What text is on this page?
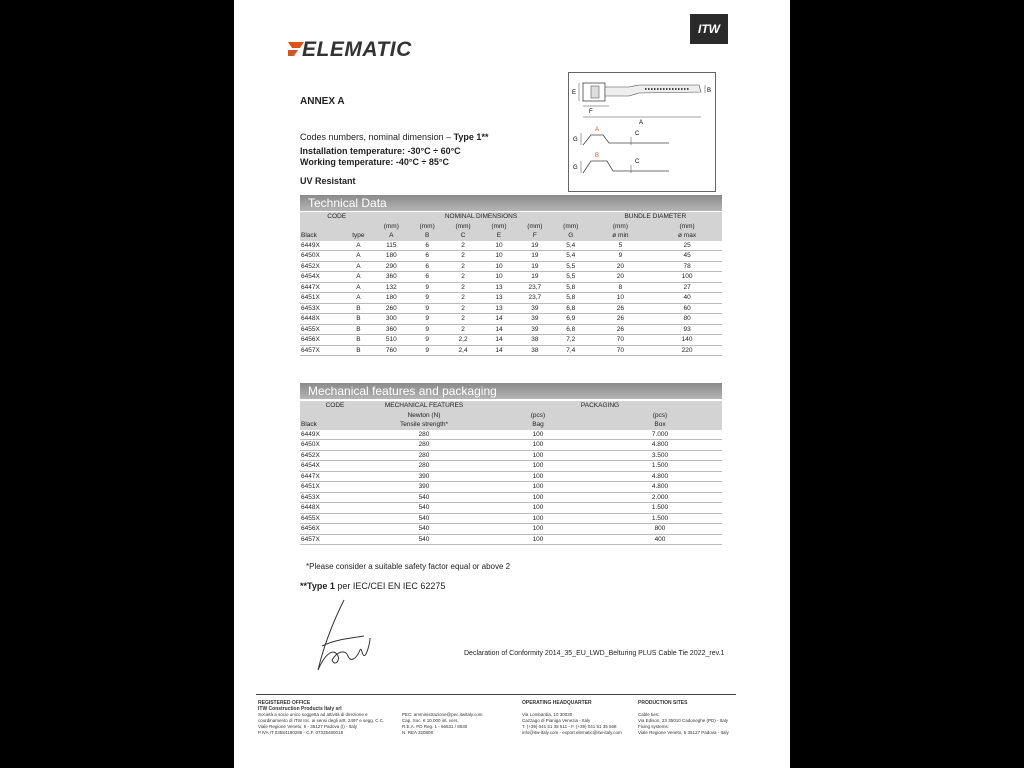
ELEMATIC
ITW
ANNEX A
Codes numbers, nominal dimension – Type 1**
Installation temperature: -30°C ÷ 60°C
Working temperature: -40°C ÷ 85°C
UV Resistant
E	B
F
A
A
G
C
B
G
C
Technical Data
CODE		NOMINAL DIMENSIONS						BUNDLE DIAMETER	
		(mm)	(mm)	(mm)	(mm)	(mm)	(mm)	(mm)	(mm)
Black	type	A	B	C	E	F	G	ø min	ø max
6449X	A	115	6	2	10	19	5,4	5	25
6450X	A	180	6	2	10	19	5,4	9	45
6452X	A	290	6	2	10	19	5,5	20	78
6454X	A	360	6	2	10	19	5,5	20	100
6447X	A	132	9	2	13	23,7	5,8	8	27
6451X	A	180	9	2	13	23,7	5,8	10	40
6453X	B	260	9	2	13	39	6,8	26	60
6448X	B	300	9	2	14	39	6,9	26	80
6455X	B	360	9	2	14	39	6,8	26	93
6456X	B	510	9	2,2	14	38	7,2	70	140
6457X	B	760	9	2,4	14	38	7,4	70	220
Mechanical features and packaging
CODE	MECHANICAL FEATURES	PACKAGING	
	Newton (N)	(pcs)	(pcs)
Black	Tensile strength*	Bag	Box
6449X	280	100	7.000
6450X	280	100	4.800
6452X	280	100	3.500
6454X	280	100	1.500
6447X	390	100	4.800
6451X	390	100	4.800
6453X	540	100	2.000
6448X	540	100	1.500
6455X	540	100	1.500
6456X	540	100	800
6457X	540	100	400
*Please consider a suitable safety factor equal or above 2
**Type 1 per IEC/CEI EN IEC 62275
Declaration of Conformity 2014_35_EU_LWD_Belturing PLUS Cable Tie 2022_rev.1
REGISTERED OFFICE
ITW Construction Products Italy srl
Società a socio unico soggetta ad attività di direzione e
coordinamento di ITW Inc. ai sensi degli artt. 2497 e segg. C.C.
Viale Regione Veneto, 5 - 35127 Padova (I) - Italy
P.IVA IT 03584190286 - C.F. 07335480018
PEC: amministrazione@pec.itwitaly.com
Cap. Soc. € 10.000 int. vers.
R.E.A. PD Reg. 1 - 66631 / 8030
N. REA 320808
OPERATING HEADQUARTER

Via Lombardia, 10 30030
Cazzago di Pianiga Venezia - Italy
T. (+39) 041 51 35 511 - F. (+39) 041 51 35 568
info@itw-italy.com - export.elematic@itw-italy.com
PRODUCTION SITES

Cable ties:
Via Edison, 23 35010 Cadoneghe (PD) - Italy
Fixing systems:
Viale Regione Veneto, 5 35127 Padova - Italy
